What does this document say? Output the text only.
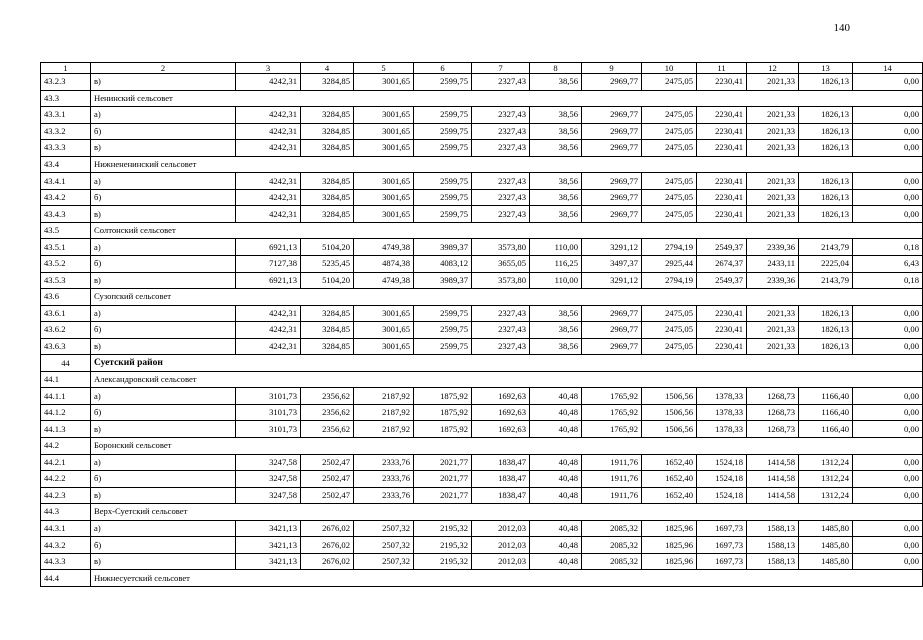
140
1	2	3	4	5	6	7	8	9	10	11	12	13	14
43.2.3	в)	4242,31	3284,85	3001,65	2599,75	2327,43	38,56	2969,77	2475,05	2230,41	2021,33	1826,13	0,00
43.3	Ненинский сельсовет												
43.3.1	а)	4242,31	3284,85	3001,65	2599,75	2327,43	38,56	2969,77	2475,05	2230,41	2021,33	1826,13	0,00
43.3.2	б)	4242,31	3284,85	3001,65	2599,75	2327,43	38,56	2969,77	2475,05	2230,41	2021,33	1826,13	0,00
43.3.3	в)	4242,31	3284,85	3001,65	2599,75	2327,43	38,56	2969,77	2475,05	2230,41	2021,33	1826,13	0,00
43.4	Нижнененинский сельсовет												
43.4.1	а)	4242,31	3284,85	3001,65	2599,75	2327,43	38,56	2969,77	2475,05	2230,41	2021,33	1826,13	0,00
43.4.2	б)	4242,31	3284,85	3001,65	2599,75	2327,43	38,56	2969,77	2475,05	2230,41	2021,33	1826,13	0,00
43.4.3	в)	4242,31	3284,85	3001,65	2599,75	2327,43	38,56	2969,77	2475,05	2230,41	2021,33	1826,13	0,00
43.5	Солтонский сельсовет												
43.5.1	а)	6921,13	5104,20	4749,38	3989,37	3573,80	110,00	3291,12	2794,19	2549,37	2339,36	2143,79	0,18
43.5.2	б)	7127,38	5235,45	4874,38	4083,12	3655,05	116,25	3497,37	2925,44	2674,37	2433,11	2225,04	6,43
43.5.3	в)	6921,13	5104,20	4749,38	3989,37	3573,80	110,00	3291,12	2794,19	2549,37	2339,36	2143,79	0,18
43.6	Сузопский сельсовет												
43.6.1	а)	4242,31	3284,85	3001,65	2599,75	2327,43	38,56	2969,77	2475,05	2230,41	2021,33	1826,13	0,00
43.6.2	б)	4242,31	3284,85	3001,65	2599,75	2327,43	38,56	2969,77	2475,05	2230,41	2021,33	1826,13	0,00
43.6.3	в)	4242,31	3284,85	3001,65	2599,75	2327,43	38,56	2969,77	2475,05	2230,41	2021,33	1826,13	0,00
44	Суетский район												
44.1	Александровский сельсовет												
44.1.1	а)	3101,73	2356,62	2187,92	1875,92	1692,63	40,48	1765,92	1506,56	1378,33	1268,73	1166,40	0,00
44.1.2	б)	3101,73	2356,62	2187,92	1875,92	1692,63	40,48	1765,92	1506,56	1378,33	1268,73	1166,40	0,00
44.1.3	в)	3101,73	2356,62	2187,92	1875,92	1692,63	40,48	1765,92	1506,56	1378,33	1268,73	1166,40	0,00
44.2	Боронский сельсовет												
44.2.1	а)	3247,58	2502,47	2333,76	2021,77	1838,47	40,48	1911,76	1652,40	1524,18	1414,58	1312,24	0,00
44.2.2	б)	3247,58	2502,47	2333,76	2021,77	1838,47	40,48	1911,76	1652,40	1524,18	1414,58	1312,24	0,00
44.2.3	в)	3247,58	2502,47	2333,76	2021,77	1838,47	40,48	1911,76	1652,40	1524,18	1414,58	1312,24	0,00
44.3	Верх-Суетский сельсовет												
44.3.1	а)	3421,13	2676,02	2507,32	2195,32	2012,03	40,48	2085,32	1825,96	1697,73	1588,13	1485,80	0,00
44.3.2	б)	3421,13	2676,02	2507,32	2195,32	2012,03	40,48	2085,32	1825,96	1697,73	1588,13	1485,80	0,00
44.3.3	в)	3421,13	2676,02	2507,32	2195,32	2012,03	40,48	2085,32	1825,96	1697,73	1588,13	1485,80	0,00
44.4	Нижнесуетский сельсовет												
